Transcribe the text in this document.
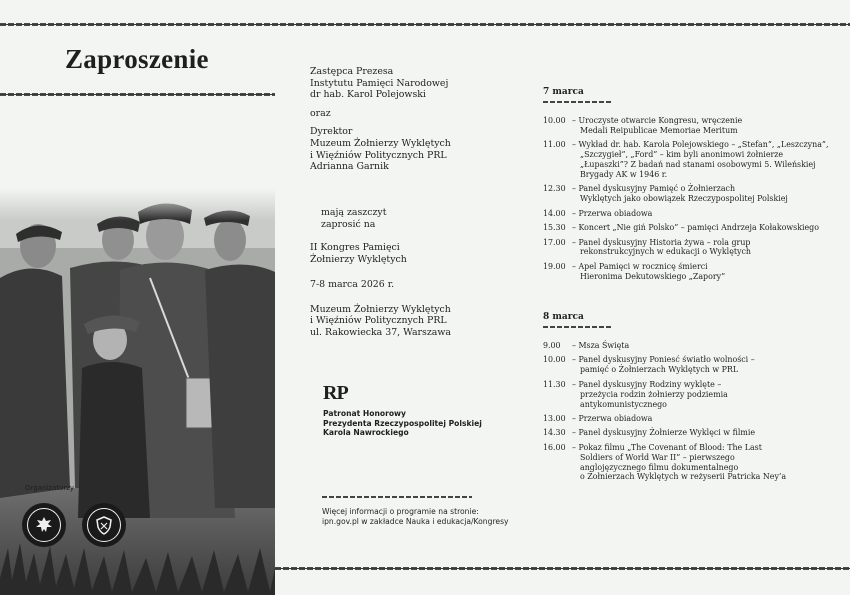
Zaproszenie
Organizatorzy
Zastępca Prezesa
Instytutu Pamięci Narodowej
dr hab. Karol Polejowski
oraz
Dyrektor
Muzeum Żołnierzy Wyklętych
i Więźniów Politycznych PRL
Adrianna Garnik
mają zaszczyt
zaprosić na
II Kongres Pamięci
Żołnierzy Wyklętych
7-8 marca 2026 r.
Muzeum Żołnierzy Wyklętych
i Więźniów Politycznych PRL
ul. Rakowiecka 37, Warszawa
RP
Patronat Honorowy
Prezydenta Rzeczypospolitej Polskiej
Karola Nawrockiego
Więcej informacji o programie na stronie:
ipn.gov.pl w zakładce Nauka i edukacja/Kongresy
7 marca
10.00 – Uroczyste otwarcie Kongresu, wręczenie
Medali Reipublicae Memoriae Meritum
11.00 – Wykład dr. hab. Karola Polejowskiego – „Stefan”, „Leszczyna”,
„Szczygieł”, „Ford” – kim byli anonimowi żołnierze
„Łupaszki”? Z badań nad stanami osobowymi 5. Wileńskiej
Brygady AK w 1946 r.
12.30 – Panel dyskusyjny Pamięć o Żołnierzach
Wyklętych jako obowiązek Rzeczypospolitej Polskiej
14.00 – Przerwa obiadowa
15.30 – Koncert „Nie giń Polsko” – pamięci Andrzeja Kołakowskiego
17.00 – Panel dyskusyjny Historia żywa – rola grup
rekonstrukcyjnych w edukacji o Wyklętych
19.00 – Apel Pamięci w rocznicę śmierci
Hieronima Dekutowskiego „Zapory”
8 marca
9.00	– Msza Święta
10.00 – Panel dyskusyjny Poniesć światło wolności –
pamięć o Żołnierzach Wyklętych w PRL
11.30 – Panel dyskusyjny Rodziny wyklęte –
przeżycia rodzin żołnierzy podziemia
antykomunistycznego
13.00 – Przerwa obiadowa
14.30 – Panel dyskusyjny Żołnierze Wyklęci w filmie
16.00 – Pokaz filmu „The Covenant of Blood: The Last
Soldiers of World War II” – pierwszego
anglojęzycznego filmu dokumentalnego
o Żołnierzach Wyklętych w reżyserii Patricka Ney’a
